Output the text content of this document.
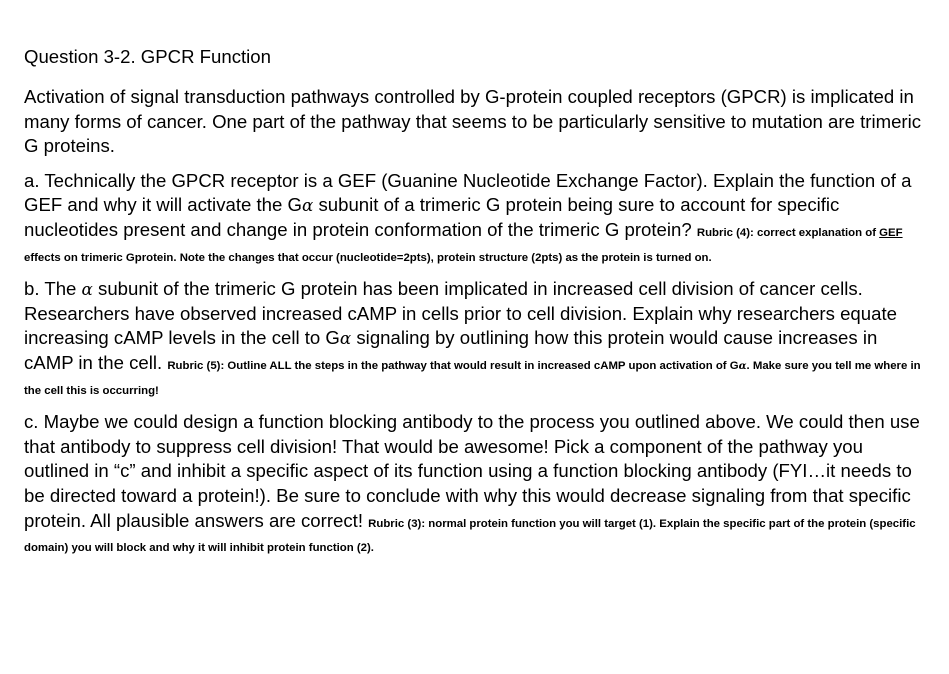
Question 3-2. GPCR Function

Activation of signal transduction pathways controlled by G-protein coupled receptors (GPCR) is implicated in many forms of cancer. One part of the pathway that seems to be particularly sensitive to mutation are trimeric G proteins.

a. Technically the GPCR receptor is a GEF (Guanine Nucleotide Exchange Factor). Explain the function of a GEF and why it will activate the Gα subunit of a trimeric G protein being sure to account for specific nucleotides present and change in protein conformation of the trimeric G protein? Rubric (4): correct explanation of GEF effects on trimeric Gprotein. Note the changes that occur (nucleotide=2pts), protein structure (2pts) as the protein is turned on.

b. The α subunit of the trimeric G protein has been implicated in increased cell division of cancer cells. Researchers have observed increased cAMP in cells prior to cell division. Explain why researchers equate increasing cAMP levels in the cell to Gα signaling by outlining how this protein would cause increases in cAMP in the cell. Rubric (5): Outline ALL the steps in the pathway that would result in increased cAMP upon activation of Gα. Make sure you tell me where in the cell this is occurring!

c. Maybe we could design a function blocking antibody to the process you outlined above. We could then use that antibody to suppress cell division! That would be awesome! Pick a component of the pathway you outlined in “c” and inhibit a specific aspect of its function using a function blocking antibody (FYI…it needs to be directed toward a protein!). Be sure to conclude with why this would decrease signaling from that specific protein. All plausible answers are correct! Rubric (3): normal protein function you will target (1). Explain the specific part of the protein (specific domain) you will block and why it will inhibit protein function (2).
